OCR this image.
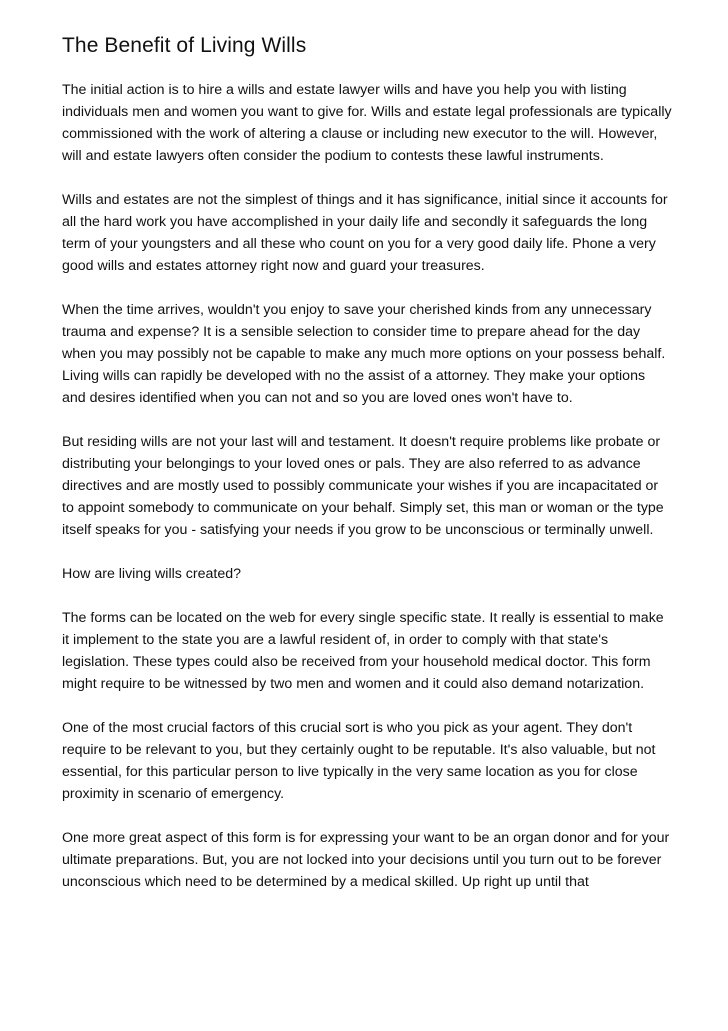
The Benefit of Living Wills

The initial action is to hire a wills and estate lawyer wills and have you help you with listing individuals men and women you want to give for. Wills and estate legal professionals are typically commissioned with the work of altering a clause or including new executor to the will. However, will and estate lawyers often consider the podium to contests these lawful instruments.

Wills and estates are not the simplest of things and it has significance, initial since it accounts for all the hard work you have accomplished in your daily life and secondly it safeguards the long term of your youngsters and all these who count on you for a very good daily life. Phone a very good wills and estates attorney right now and guard your treasures.

When the time arrives, wouldn't you enjoy to save your cherished kinds from any unnecessary trauma and expense? It is a sensible selection to consider time to prepare ahead for the day when you may possibly not be capable to make any much more options on your possess behalf. Living wills can rapidly be developed with no the assist of a attorney. They make your options and desires identified when you can not and so you are loved ones won't have to.

But residing wills are not your last will and testament. It doesn't require problems like probate or distributing your belongings to your loved ones or pals. They are also referred to as advance directives and are mostly used to possibly communicate your wishes if you are incapacitated or to appoint somebody to communicate on your behalf. Simply set, this man or woman or the type itself speaks for you - satisfying your needs if you grow to be unconscious or terminally unwell.

How are living wills created?

The forms can be located on the web for every single specific state. It really is essential to make it implement to the state you are a lawful resident of, in order to comply with that state's legislation. These types could also be received from your household medical doctor. This form might require to be witnessed by two men and women and it could also demand notarization.

One of the most crucial factors of this crucial sort is who you pick as your agent. They don't require to be relevant to you, but they certainly ought to be reputable. It's also valuable, but not essential, for this particular person to live typically in the very same location as you for close proximity in scenario of emergency.

One more great aspect of this form is for expressing your want to be an organ donor and for your ultimate preparations. But, you are not locked into your decisions until you turn out to be forever unconscious which need to be determined by a medical skilled. Up right up until that
